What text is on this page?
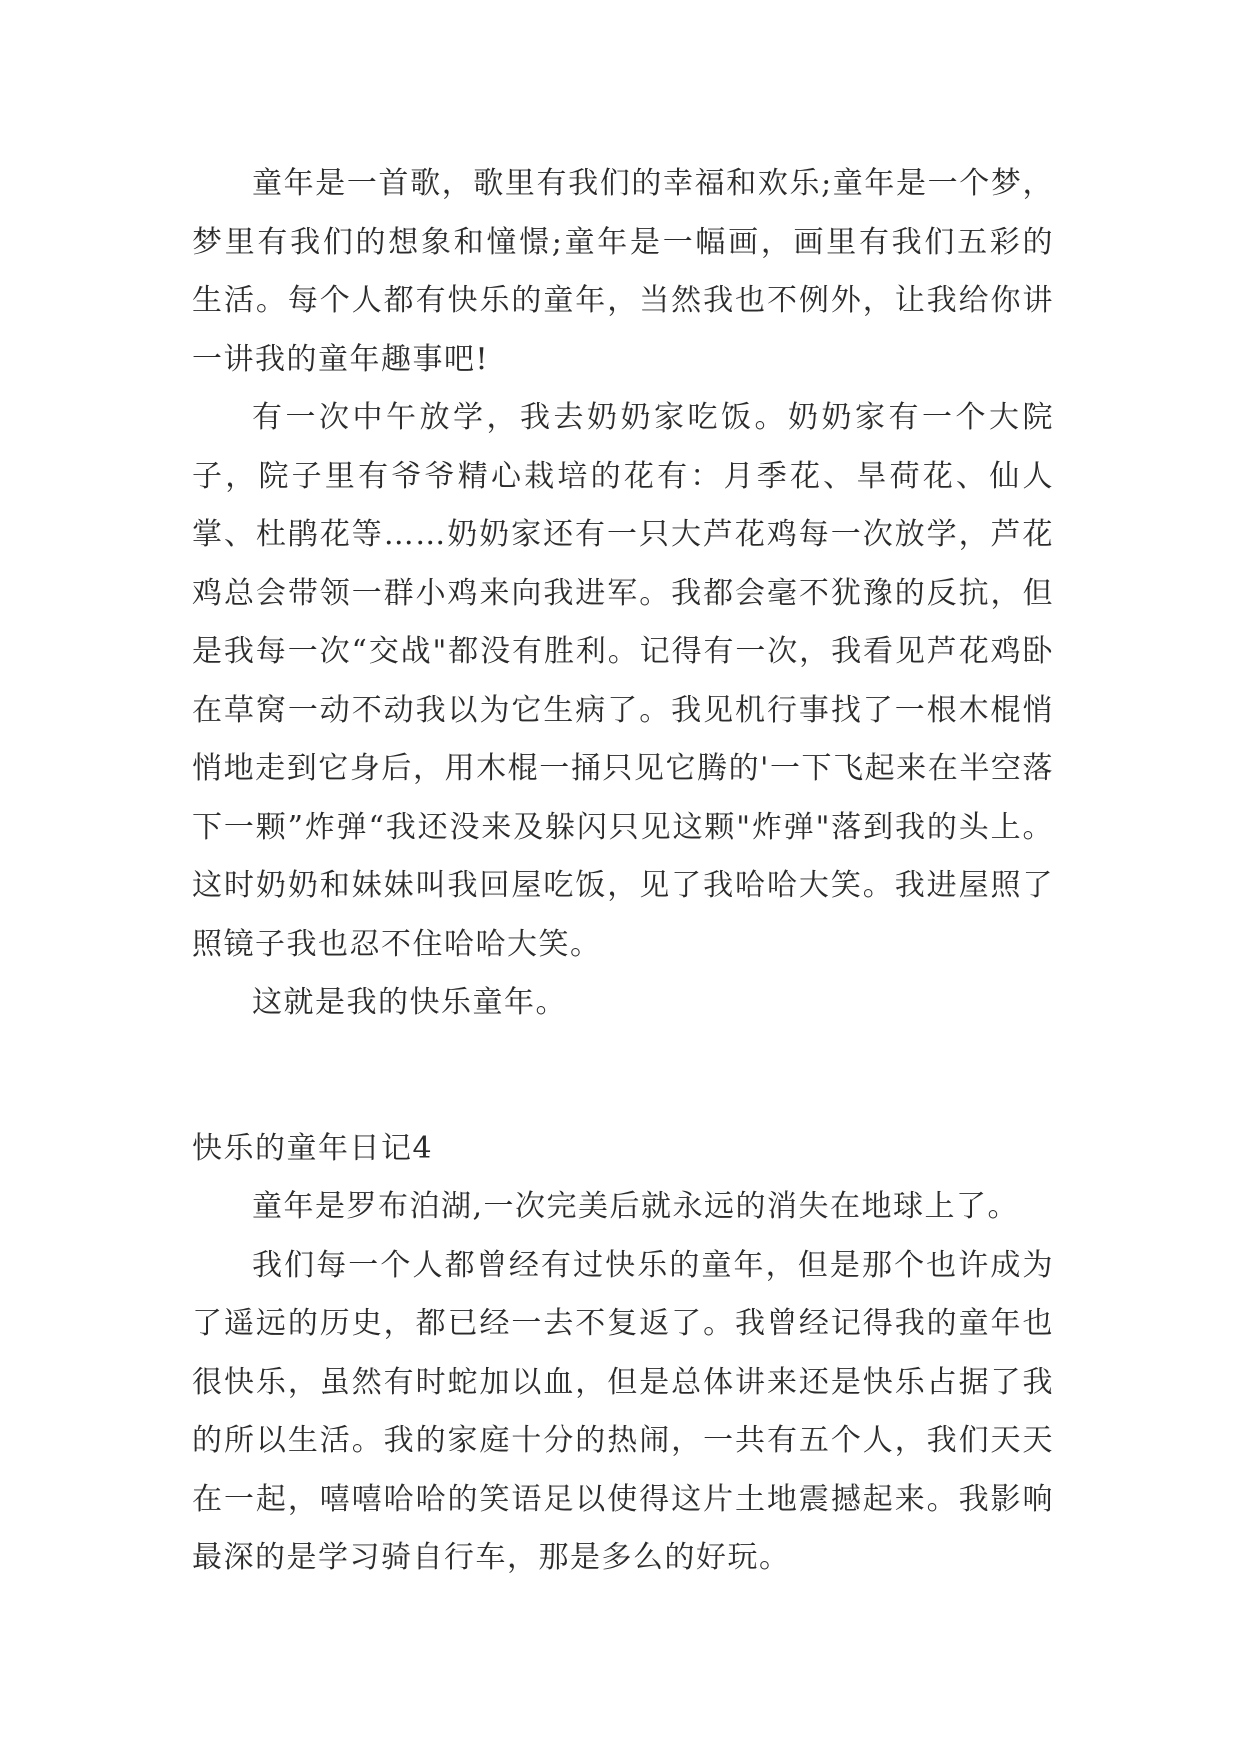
童年是一首歌，歌里有我们的幸福和欢乐;童年是一个梦，梦里有我们的想象和憧憬;童年是一幅画，画里有我们五彩的生活。每个人都有快乐的童年，当然我也不例外，让我给你讲一讲我的童年趣事吧!

有一次中午放学，我去奶奶家吃饭。奶奶家有一个大院子，院子里有爷爷精心栽培的花有：月季花、旱荷花、仙人掌、杜鹃花等……奶奶家还有一只大芦花鸡每一次放学，芦花鸡总会带领一群小鸡来向我进军。我都会毫不犹豫的反抗，但是我每一次“交战"都没有胜利。记得有一次，我看见芦花鸡卧在草窝一动不动我以为它生病了。我见机行事找了一根木棍悄悄地走到它身后，用木棍一捅只见它腾的'一下飞起来在半空落下一颗”炸弹“我还没来及躲闪只见这颗"炸弹"落到我的头上。这时奶奶和妹妹叫我回屋吃饭，见了我哈哈大笑。我进屋照了照镜子我也忍不住哈哈大笑。

这就是我的快乐童年。

快乐的童年日记4

童年是罗布泊湖,一次完美后就永远的消失在地球上了。

我们每一个人都曾经有过快乐的童年，但是那个也许成为了遥远的历史，都已经一去不复返了。我曾经记得我的童年也很快乐，虽然有时蛇加以血，但是总体讲来还是快乐占据了我的所以生活。我的家庭十分的热闹，一共有五个人，我们天天在一起，嘻嘻哈哈的笑语足以使得这片土地震撼起来。我影响最深的是学习骑自行车，那是多么的好玩。
